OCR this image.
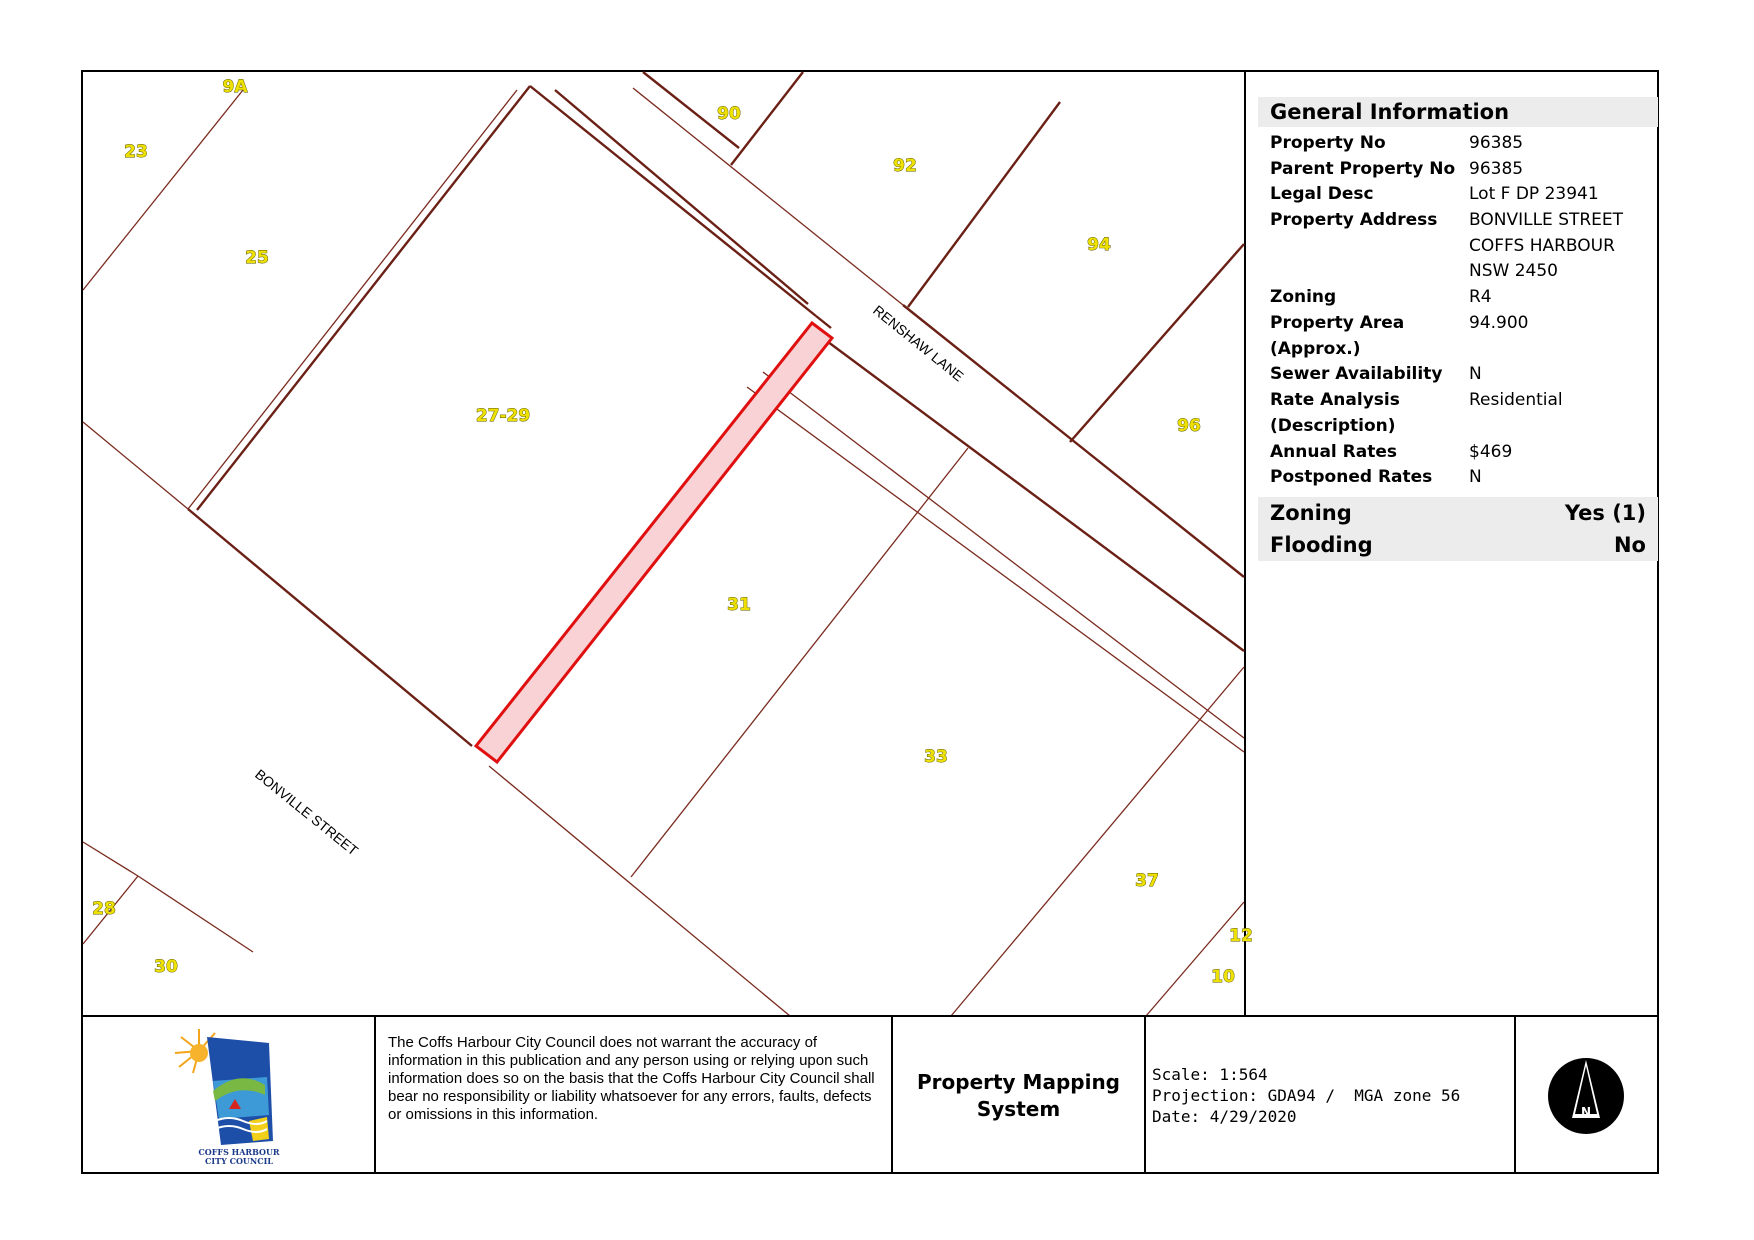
9A
23
25
90
92
94
96
27-29
31
33
37
28
30
12
10
RENSHAW LANE
BONVILLE STREET
General Information
Property No	96385
Parent Property No 96385
Legal Desc	Lot F DP 23941
Property Address	BONVILLE STREET
COFFS HARBOUR
NSW 2450
Zoning	R4
Property Area	94.900
(Approx.)
Sewer Availability	N
Rate Analysis	Residential
(Description)
Annual Rates	$469
Postponed Rates	N
Zoning	Yes (1)
Flooding	No
COFFS HARBOUR
CITY COUNCIL
The Coffs Harbour City Council does not warrant the accuracy of information in this publication and any person using or relying upon such information does so on the basis that the Coffs Harbour City Council shall bear no responsibility or liability whatsoever for any errors, faults, defects or omissions in this information.
Property Mapping
System
Scale: 1:564
Projection: GDA94 /  MGA zone 56
Date: 4/29/2020	N
